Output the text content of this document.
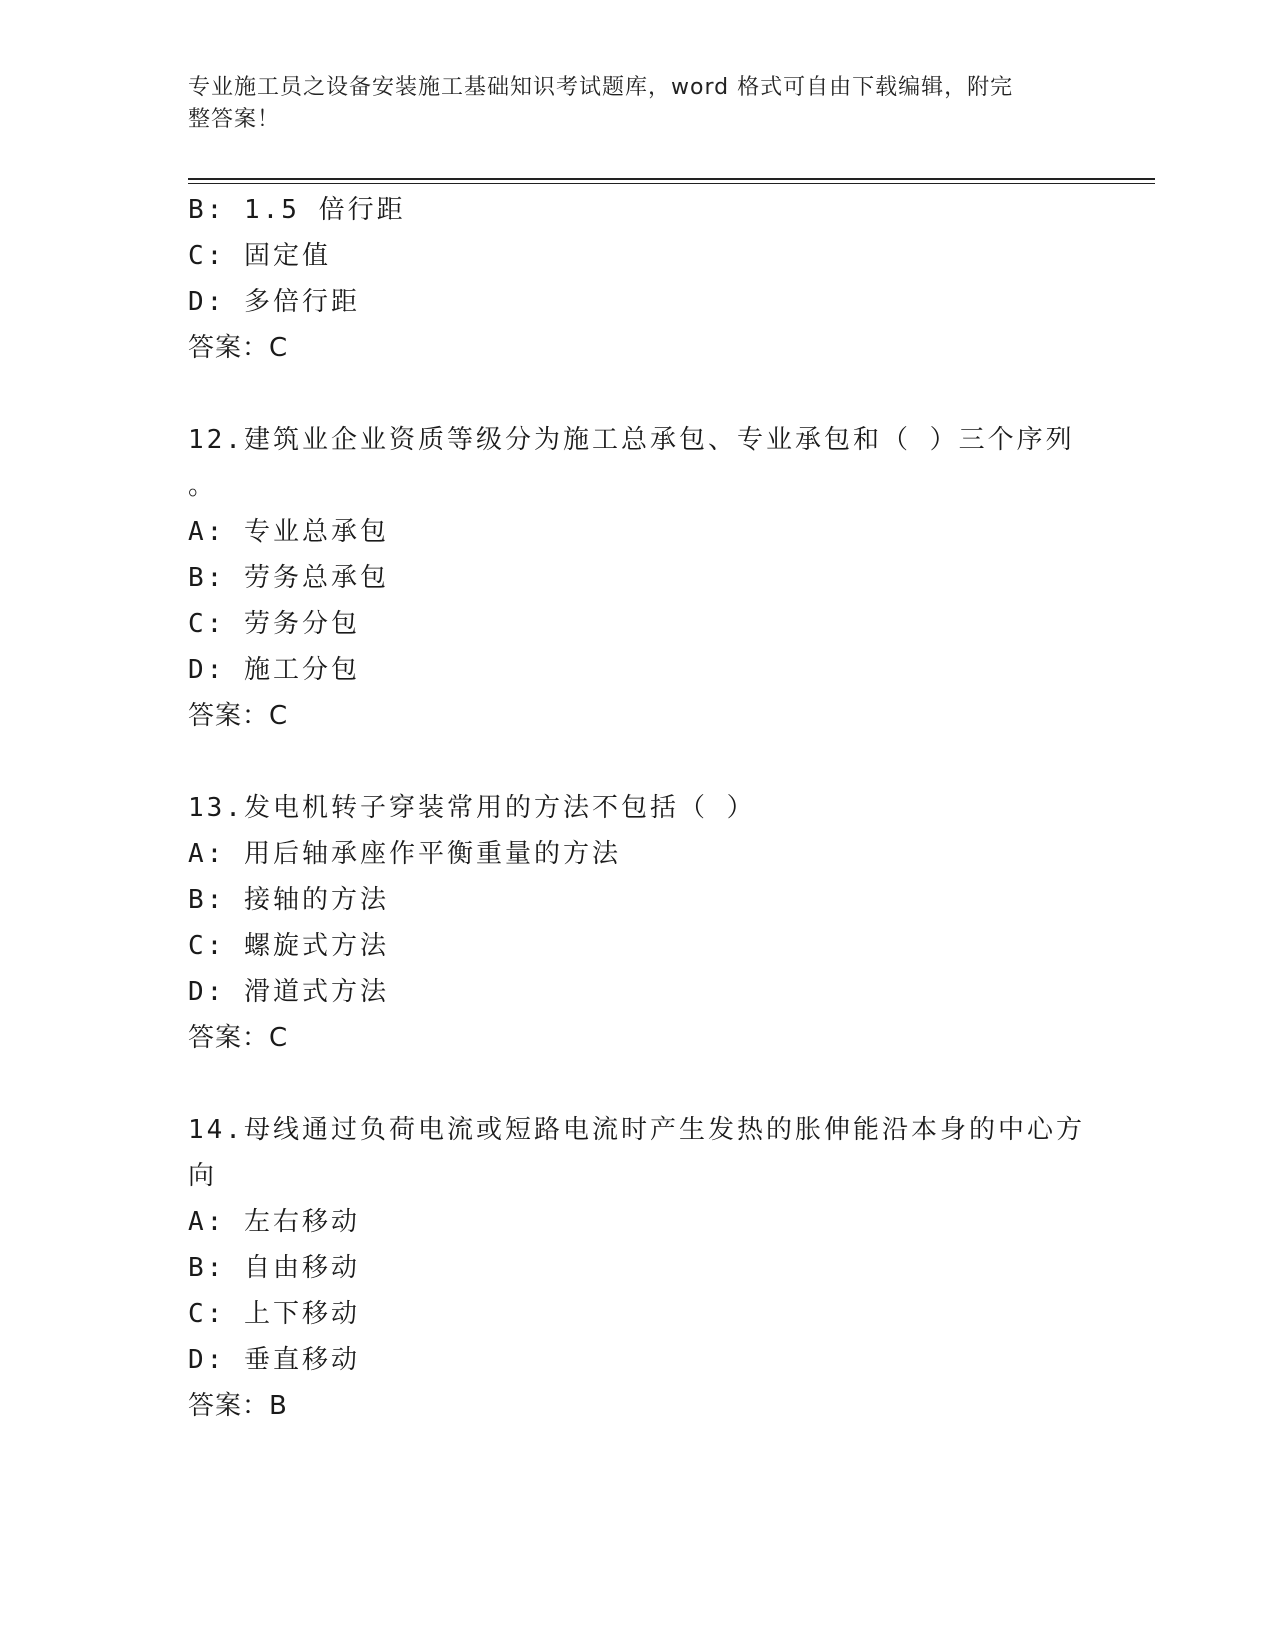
专业施工员之设备安装施工基础知识考试题库，word 格式可自由下载编辑，附完
整答案！
B: 1.5 倍行距
C: 固定值
D: 多倍行距
答案：C
12.建筑业企业资质等级分为施工总承包、专业承包和（ ）三个序列
。
A: 专业总承包
B: 劳务总承包
C: 劳务分包
D: 施工分包
答案：C
13.发电机转子穿装常用的方法不包括（ ）
A: 用后轴承座作平衡重量的方法
B: 接轴的方法
C: 螺旋式方法
D: 滑道式方法
答案：C
14.母线通过负荷电流或短路电流时产生发热的胀伸能沿本身的中心方
向
A: 左右移动
B: 自由移动
C: 上下移动
D: 垂直移动
答案：B
